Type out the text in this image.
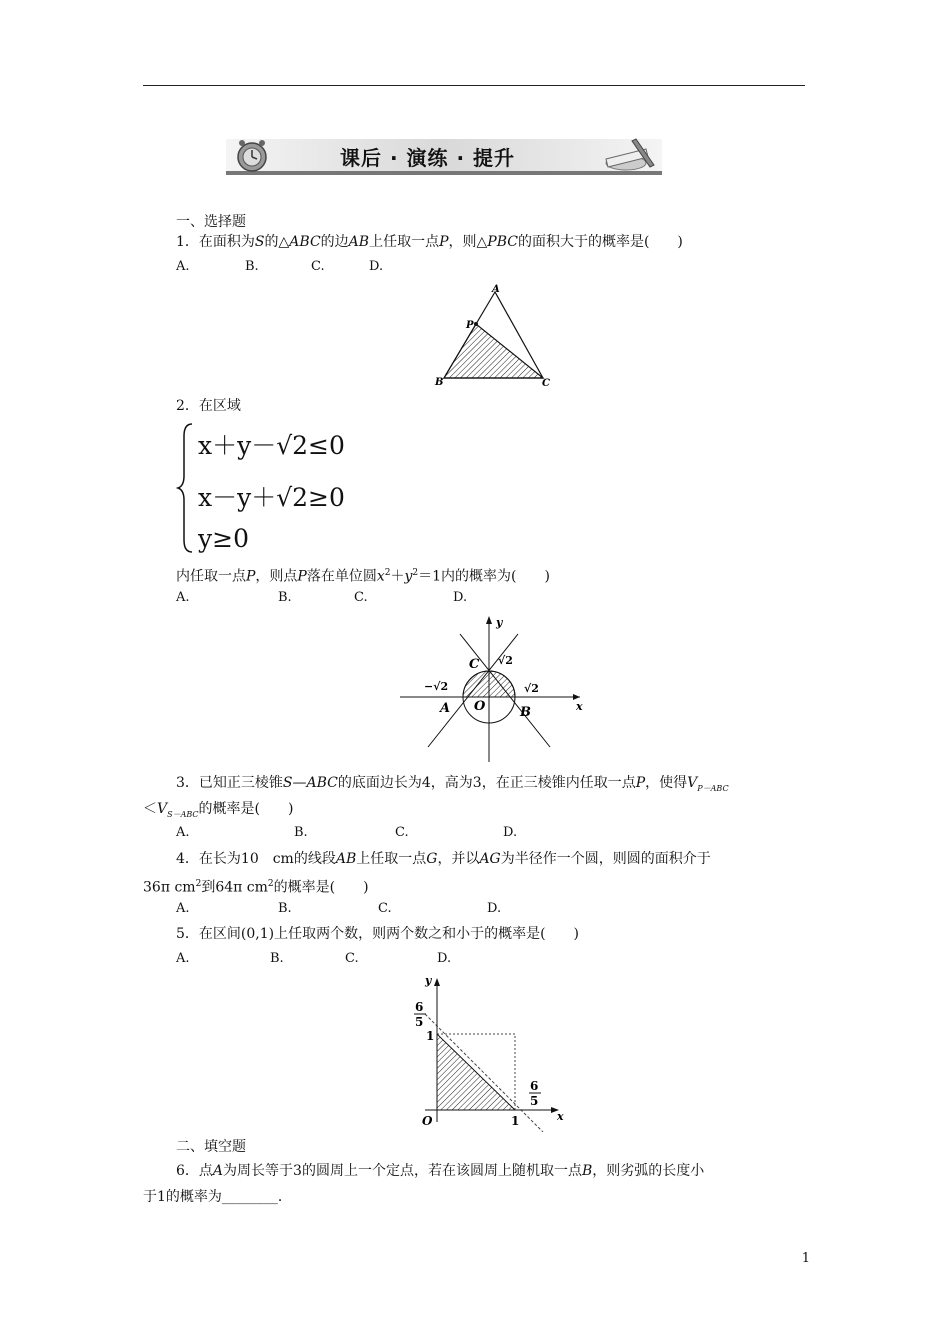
课后 · 演练 · 提升
一、选择题
1．在面积为S的△ABC的边AB上任取一点P，则△PBC的面积大于的概率是(　　)
A.	B.	C.	D.
A
P
B	C
2．在区域
x＋y－√2≤0
x－y＋√2≥0
y≥0
内任取一点P，则点P落在单位圆$x^2+y^2=1$内的概率为(　　)
A.	B.	C.	D.
y
x
C √2
−√2	√2
A O	B
3．已知正三棱锥S—ABC的底面边长为4，高为3，在正三棱锥内任取一点P，使得$V_{P-ABC}$
$<V_{S-ABC}$的概率是(　　)
A.	B.	C.	D.
4．在长为10　cm的线段AB上任取一点G，并以AG为半径作一个圆，则圆的面积介于
36π $cm^2$到64π $cm^2$的概率是(　　)
A.	B.	C.	D.
5．在区间(0,1)上任取两个数，则两个数之和小于的概率是(　　)
A.	B.	C.	D.
y
x
6
5
1
O	1
6
5
二、填空题
6．点A为周长等于3的圆周上一个定点，若在该圆周上随机取一点B，则劣弧的长度小
于1的概率为________．
1
